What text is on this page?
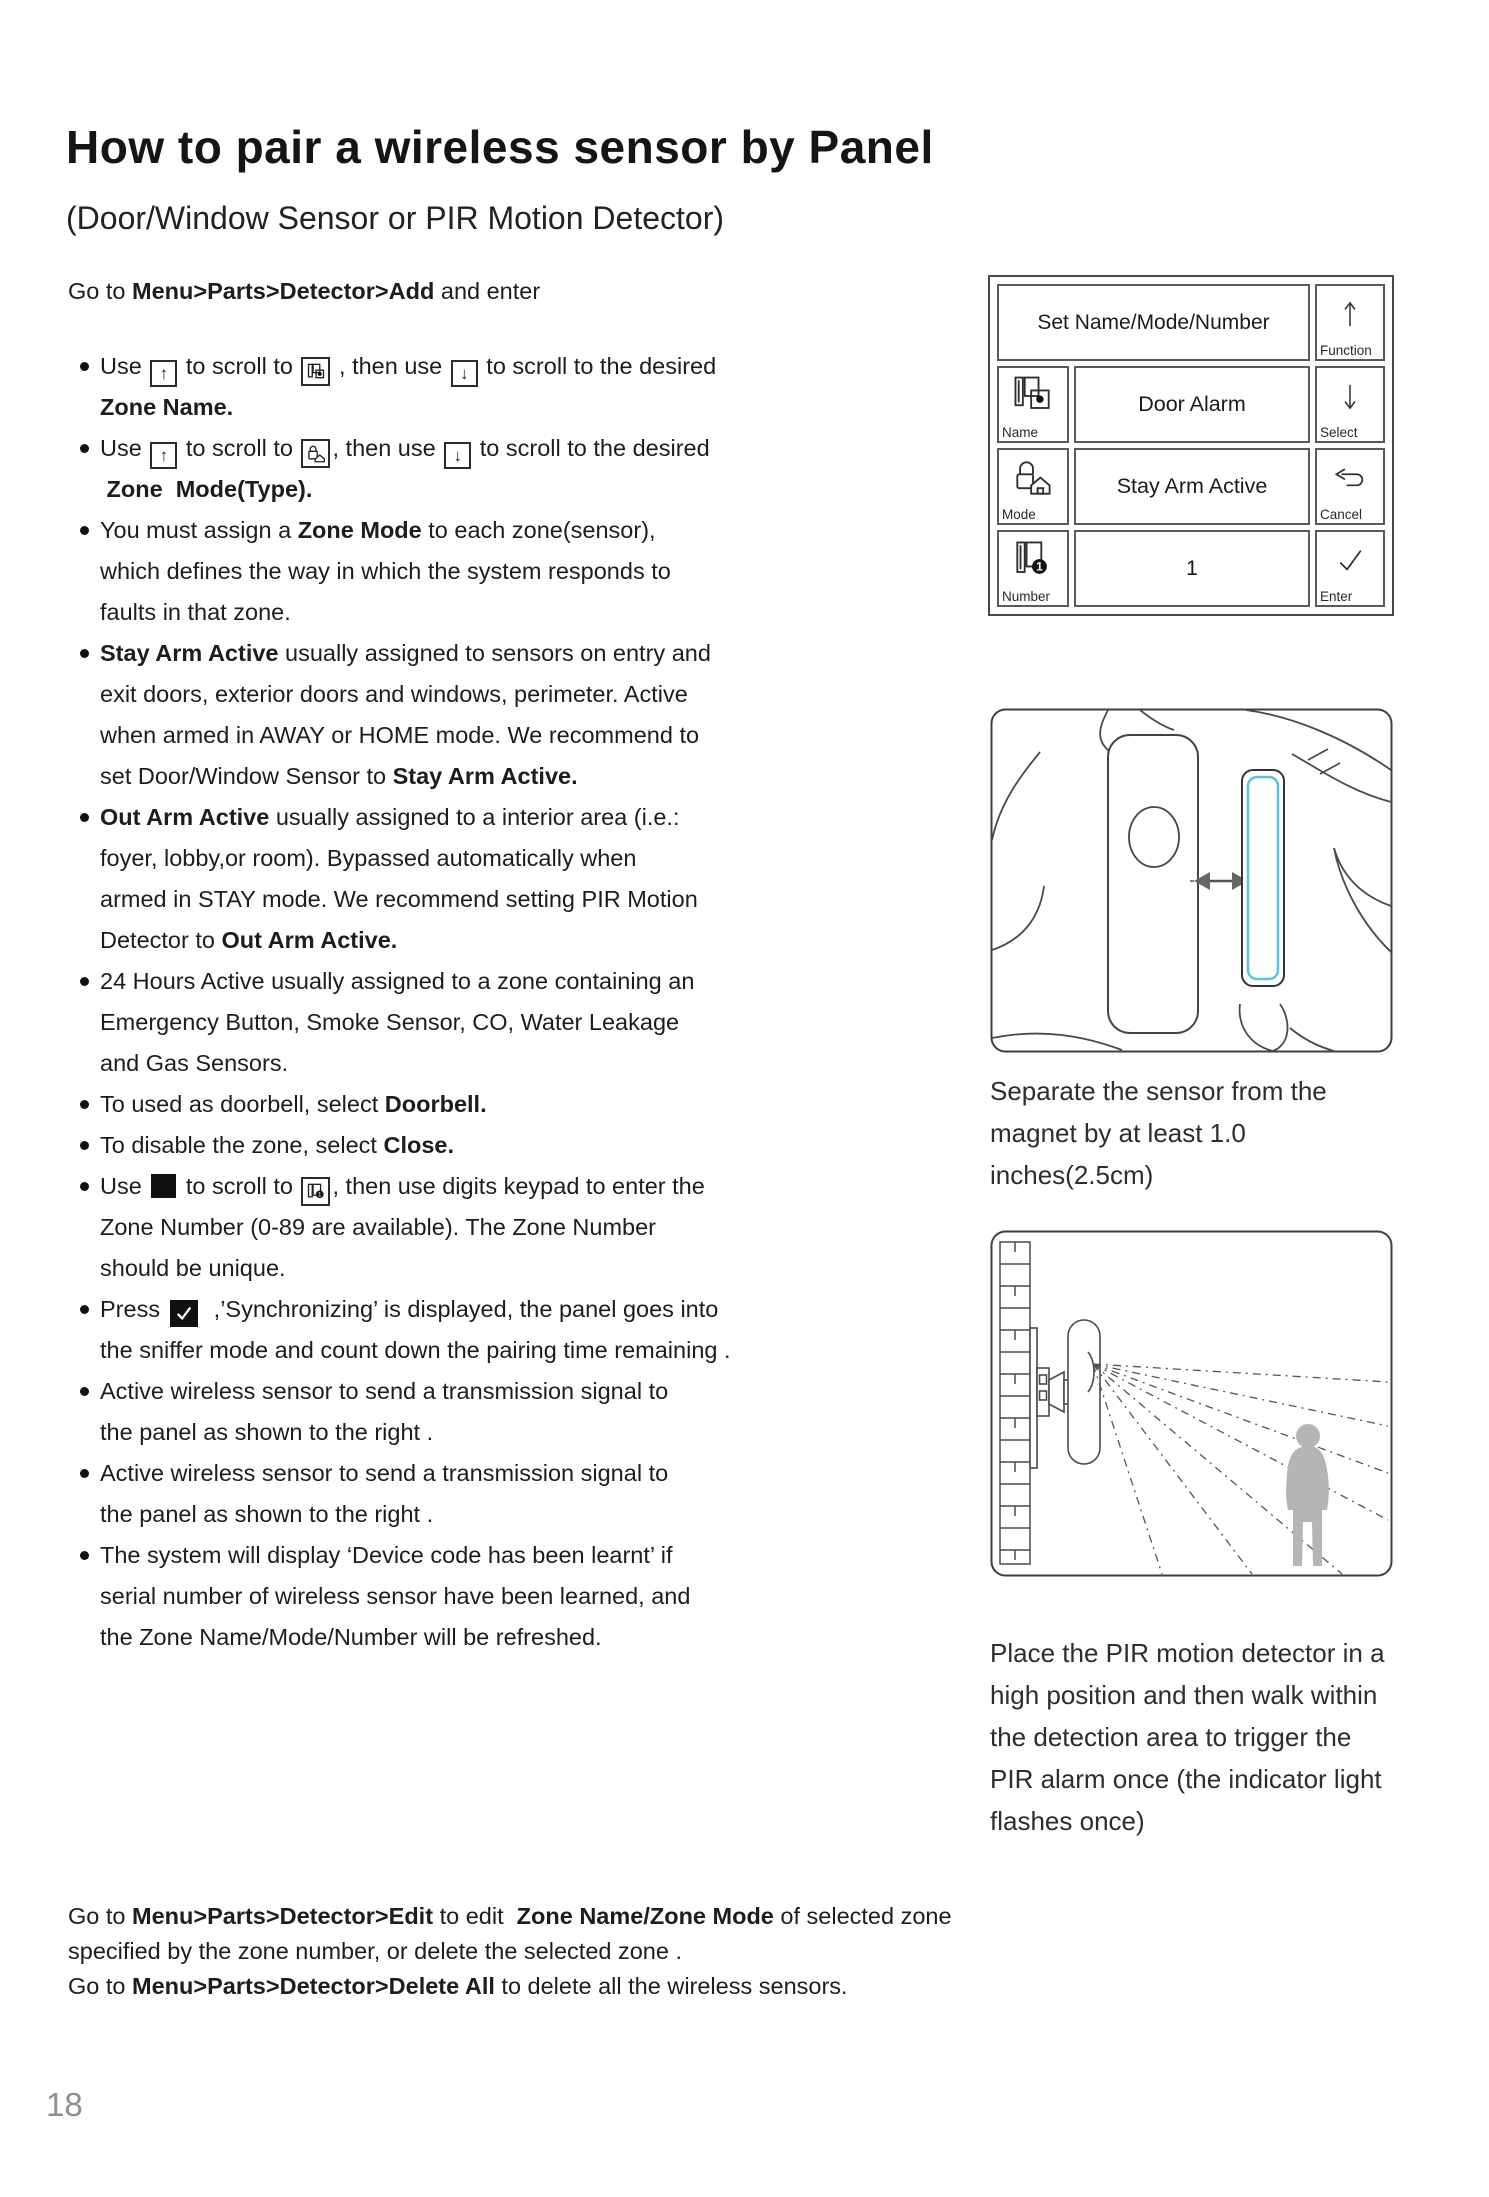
How to pair a wireless sensor by Panel
(Door/Window Sensor or PIR Motion Detector)
Go to Menu>Parts>Detector>Add and enter
Use ↑ to scroll to
, then use ↓ to scroll to the desired
Zone Name.
Use ↑ to scroll to
, then use ↓ to scroll to the desired
Zone  Mode(Type).
You must assign a Zone Mode to each zone(sensor),
which defines the way in which the system responds to
faults in that zone.
Stay Arm Active usually assigned to sensors on entry and
exit doors, exterior doors and windows, perimeter. Active
when armed in AWAY or HOME mode. We recommend to
set Door/Window Sensor to Stay Arm Active.
Out Arm Active usually assigned to a interior area (i.e.:
foyer, lobby,or room). Bypassed automatically when
armed in STAY mode. We recommend setting PIR Motion
Detector to Out Arm Active.
24 Hours Active usually assigned to a zone containing an
Emergency Button, Smoke Sensor, CO, Water Leakage
and Gas Sensors.
To used as doorbell, select Doorbell.
To disable the zone, select Close.
Use  to scroll to 1 , then use digits keypad to enter the
Zone Number (0-89 are available). The Zone Number
should be unique.
Press
,’Synchronizing’ is displayed, the panel goes into
the sniffer mode and count down the pairing time remaining .
Active wireless sensor to send a transmission signal to
the panel as shown to the right .
Active wireless sensor to send a transmission signal to
the panel as shown to the right .
The system will display ‘Device code has been learnt’ if
serial number of wireless sensor have been learned, and
the Zone Name/Mode/Number will be refreshed.
Set Name/Mode/Number
Function
Name
Door Alarm
Select
Mode
Stay Arm Active
Cancel
1
Number
1
Enter
Separate the sensor from the magnet by at least 1.0 inches(2.5cm)
Place the PIR motion detector in a high position and then walk within the detection area to trigger the PIR alarm once (the indicator light flashes once)
Go to Menu>Parts>Detector>Edit to edit  Zone Name/Zone Mode of selected zone
specified by the zone number, or delete the selected zone .
Go to Menu>Parts>Detector>Delete All to delete all the wireless sensors.
18
